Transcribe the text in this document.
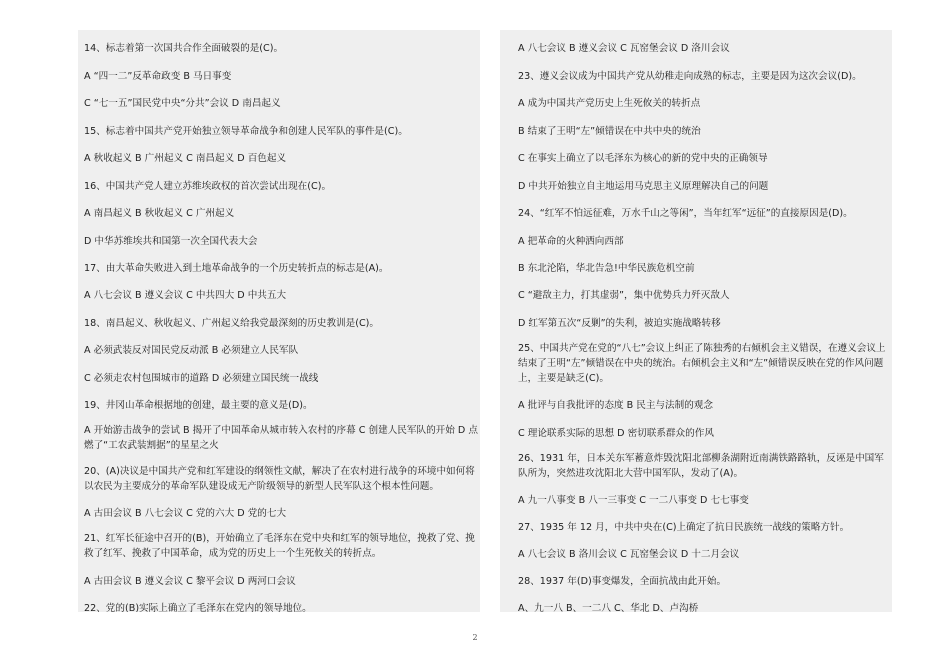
14、标志着第一次国共合作全面破裂的是(C)。

A “四一二”反革命政变 B 马日事变

C “七一五”国民党中央“分共”会议 D 南昌起义

15、标志着中国共产党开始独立领导革命战争和创建人民军队的事件是(C)。

A 秋收起义 B 广州起义 C 南昌起义 D 百色起义

16、中国共产党人建立苏维埃政权的首次尝试出现在(C)。

A 南昌起义 B 秋收起义 C 广州起义

D 中华苏维埃共和国第一次全国代表大会

17、由大革命失败进入到土地革命战争的一个历史转折点的标志是(A)。

A 八七会议 B 遵义会议 C 中共四大 D 中共五大

18、南昌起义、秋收起义、广州起义给我党最深刻的历史教训是(C)。

A 必须武装反对国民党反动派 B 必须建立人民军队

C 必须走农村包围城市的道路 D 必须建立国民统一战线

19、井冈山革命根据地的创建，最主要的意义是(D)。

A 开始游击战争的尝试 B 揭开了中国革命从城市转入农村的序幕 C 创建人民军队的开始 D 点燃了“工农武装割据”的星星之火

20、(A)决议是中国共产党和红军建设的纲领性文献，解决了在农村进行战争的环境中如何将以农民为主要成分的革命军队建设成无产阶级领导的新型人民军队这个根本性问题。

A 古田会议 B 八七会议 C 党的六大 D 党的七大

21、红军长征途中召开的(B)，开始确立了毛泽东在党中央和红军的领导地位，挽救了党、挽救了红军、挽救了中国革命，成为党的历史上一个生死攸关的转折点。

A 古田会议 B 遵义会议 C 黎平会议 D 两河口会议

22、党的(B)实际上确立了毛泽东在党内的领导地位。

A 八七会议 B 遵义会议 C 瓦窑堡会议 D 洛川会议

23、遵义会议成为中国共产党从幼稚走向成熟的标志，主要是因为这次会议(D)。

A 成为中国共产党历史上生死攸关的转折点

B 结束了王明“左”倾错误在中共中央的统治

C 在事实上确立了以毛泽东为核心的新的党中央的正确领导

D 中共开始独立自主地运用马克思主义原理解决自己的问题

24、“红军不怕远征难，万水千山之等闲”，当年红军“远征”的直接原因是(D)。

A 把革命的火种洒向西部

B 东北沦陷，华北告急!中华民族危机空前

C “避敌主力，打其虚弱”，集中优势兵力歼灭敌人

D 红军第五次“反剿”的失利，被迫实施战略转移

25、中国共产党在党的“八七”会议上纠正了陈独秀的右倾机会主义错误，在遵义会议上结束了王明“左”倾错误在中央的统治。右倾机会主义和“左”倾错误反映在党的作风问题上，主要是缺乏(C)。

A 批评与自我批评的态度 B 民主与法制的观念

C 理论联系实际的思想 D 密切联系群众的作风

26、1931 年，日本关东军蓄意炸毁沈阳北部柳条湖附近南满铁路路轨，反诬是中国军队所为，突然进攻沈阳北大营中国军队，发动了(A)。

A 九一八事变 B 八一三事变 C 一二八事变 D 七七事变

27、1935 年 12 月，中共中央在(C)上确定了抗日民族统一战线的策略方针。

A 八七会议 B 洛川会议 C 瓦窑堡会议 D 十二月会议

28、1937 年(D)事变爆发，全面抗战由此开始。

A、九一八 B、一二八 C、华北 D、卢沟桥

2
